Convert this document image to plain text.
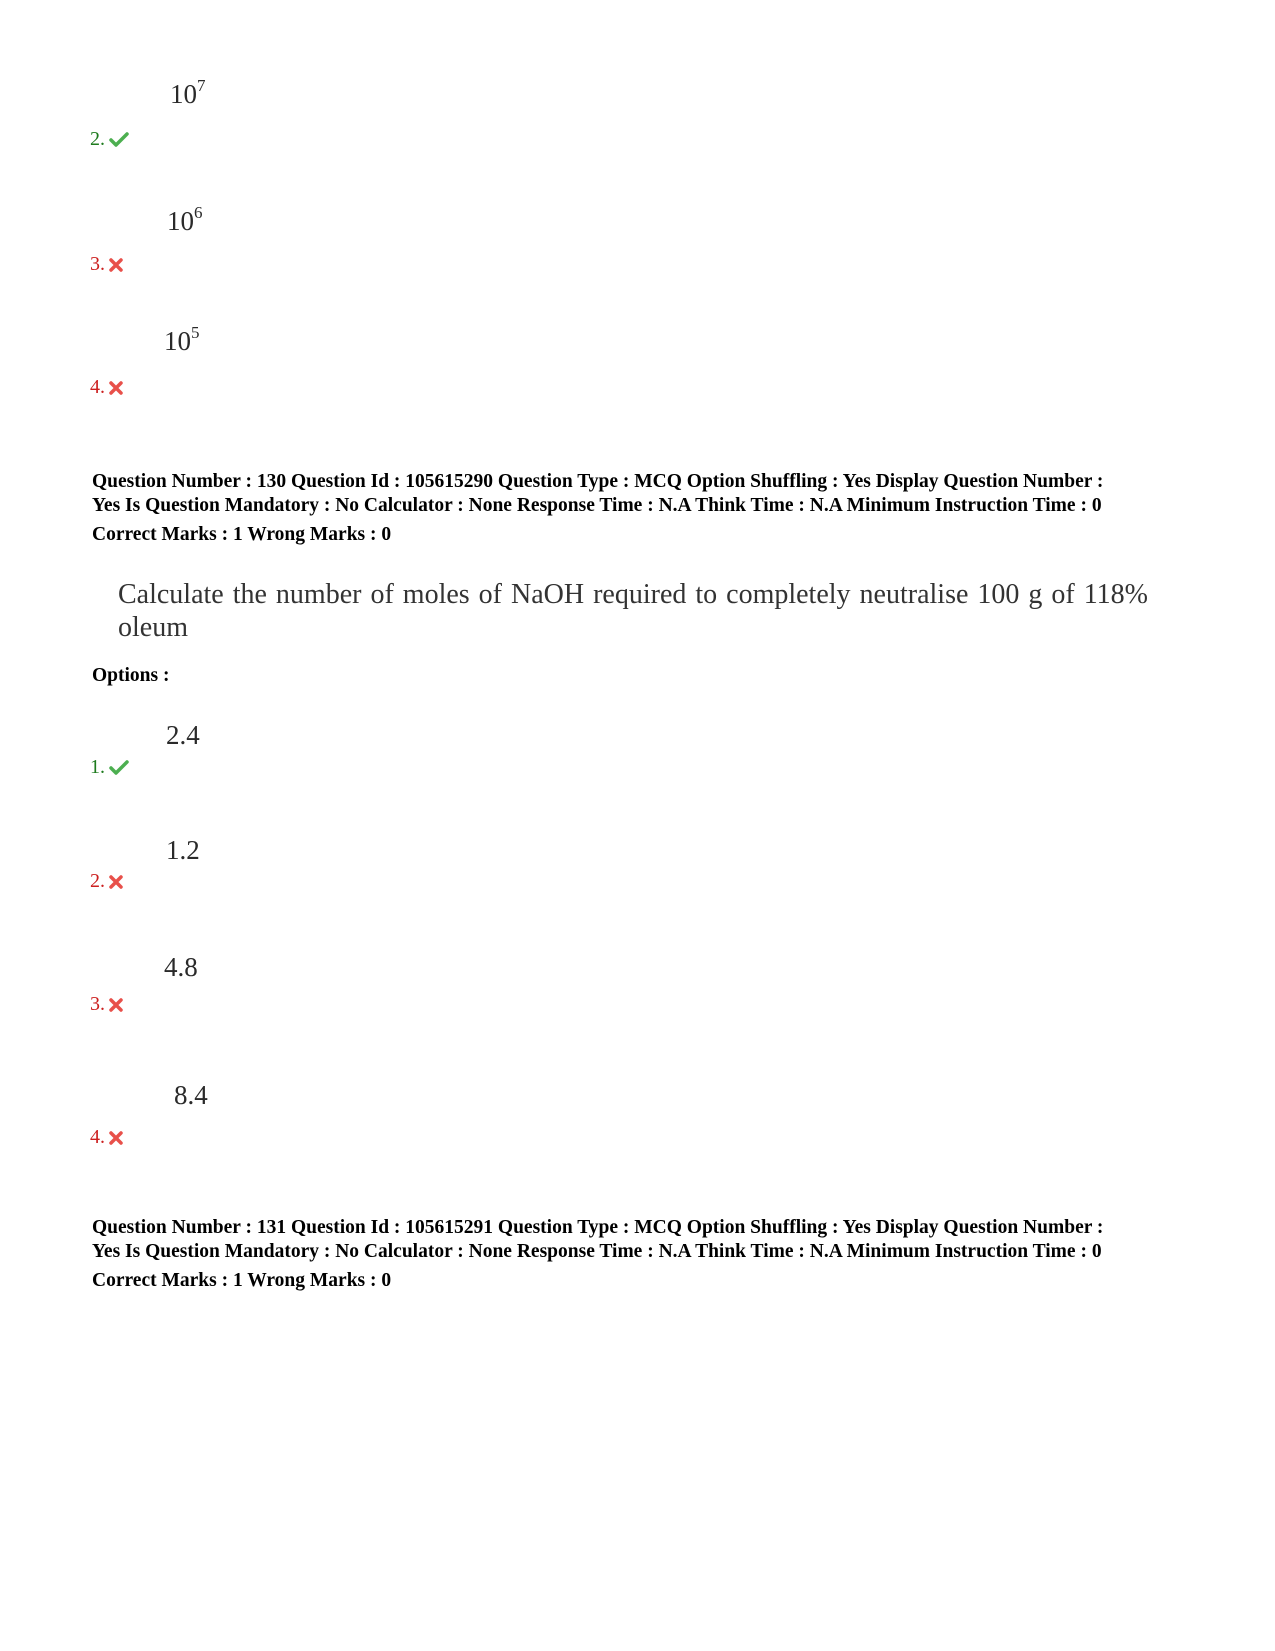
$10^7$
2.
$10^6$
3.
$10^5$
4.
Question Number : 130 Question Id : 105615290 Question Type : MCQ Option Shuffling : Yes Display Question Number :
Yes Is Question Mandatory : No Calculator : None Response Time : N.A Think Time : N.A Minimum Instruction Time : 0
Correct Marks : 1 Wrong Marks : 0
Calculate the number of moles of NaOH required to completely neutralise 100 g of 118% oleum
Options :
2.4
1.
1.2
2.
4.8
3.
8.4
4.
Question Number : 131 Question Id : 105615291 Question Type : MCQ Option Shuffling : Yes Display Question Number :
Yes Is Question Mandatory : No Calculator : None Response Time : N.A Think Time : N.A Minimum Instruction Time : 0
Correct Marks : 1 Wrong Marks : 0
